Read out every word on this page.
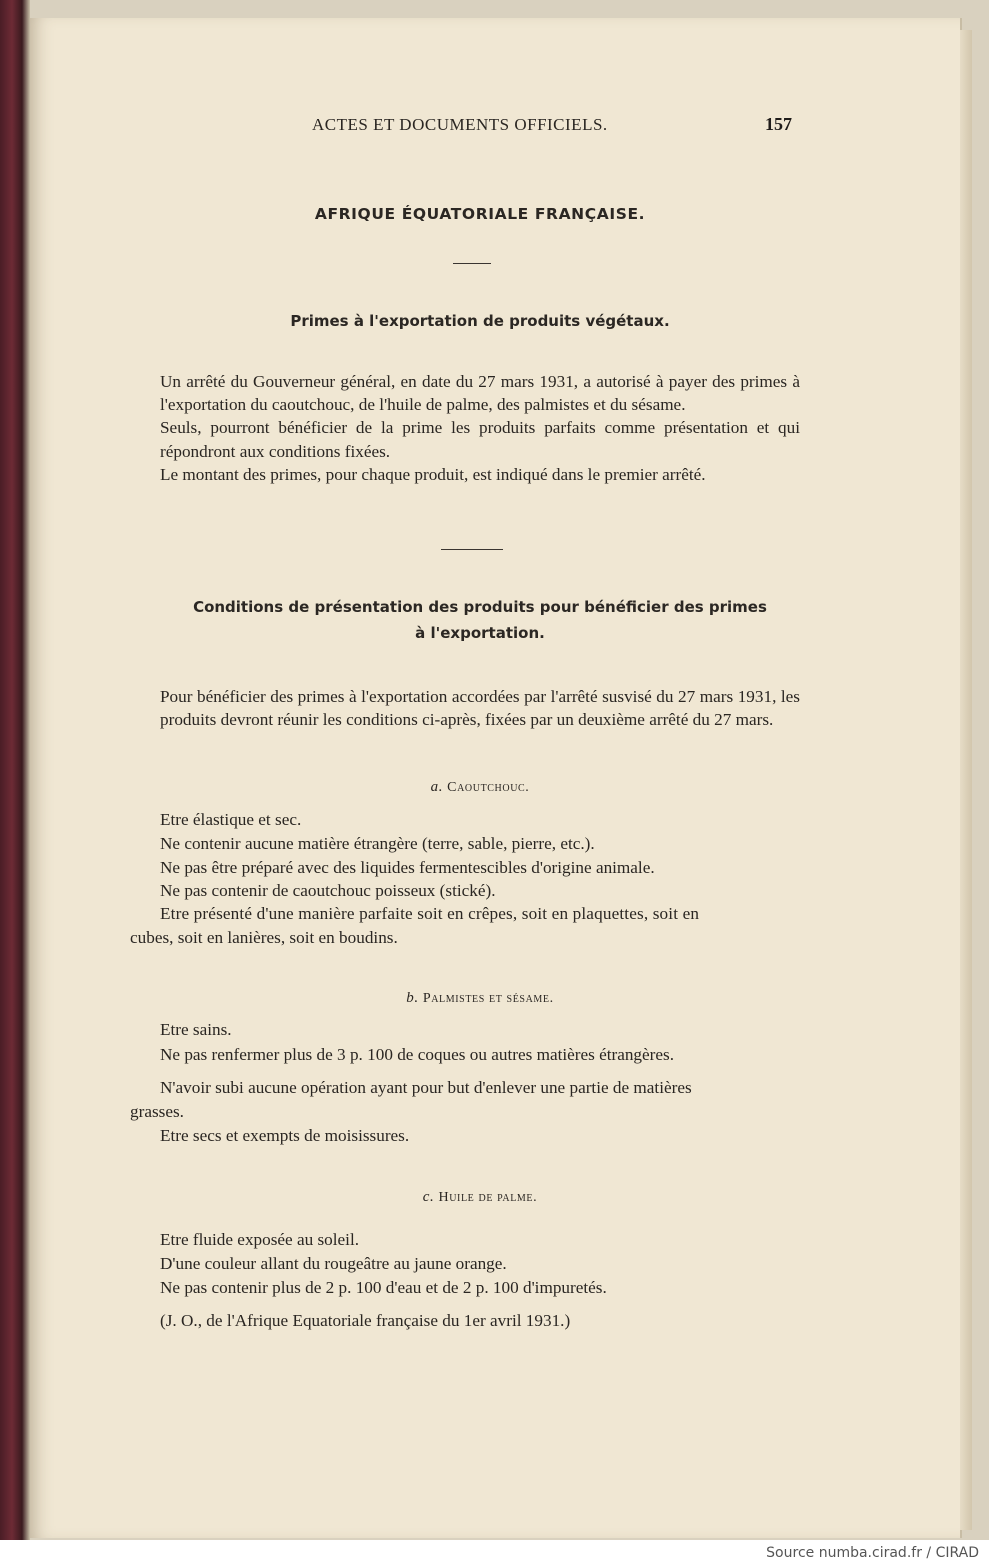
ACTES ET DOCUMENTS OFFICIELS.	157
AFRIQUE ÉQUATORIALE FRANÇAISE.
Primes à l'exportation de produits végétaux.

Un arrêté du Gouverneur général, en date du 27 mars 1931, a autorisé à payer des primes à l'exportation du caoutchouc, de l'huile de palme, des palmistes et du sésame.

Seuls, pourront bénéficier de la prime les produits parfaits comme présentation et qui répondront aux conditions fixées.

Le montant des primes, pour chaque produit, est indiqué dans le premier arrêté.

Conditions de présentation des produits pour bénéficier des primes
à l'exportation.

Pour bénéficier des primes à l'exportation accordées par l'arrêté susvisé du 27 mars 1931, les produits devront réunir les conditions ci-après, fixées par un deuxième arrêté du 27 mars.

a. Caoutchouc.
Etre élastique et sec.
Ne contenir aucune matière étrangère (terre, sable, pierre, etc.).
Ne pas être préparé avec des liquides fermentescibles d'origine animale.
Ne pas contenir de caoutchouc poisseux (stické).
Etre présenté d'une manière parfaite soit en crêpes, soit en plaquettes, soit en
cubes, soit en lanières, soit en boudins.
b. Palmistes et sésame.
Etre sains.
Ne pas renfermer plus de 3 p. 100 de coques ou autres matières étrangères.
N'avoir subi aucune opération ayant pour but d'enlever une partie de matières
grasses.
Etre secs et exempts de moisissures.
c. Huile de palme.
Etre fluide exposée au soleil.
D'une couleur allant du rougeâtre au jaune orange.
Ne pas contenir plus de 2 p. 100 d'eau et de 2 p. 100 d'impuretés.
(J. O., de l'Afrique Equatoriale française du 1er avril 1931.)
Source numba.cirad.fr / CIRAD
